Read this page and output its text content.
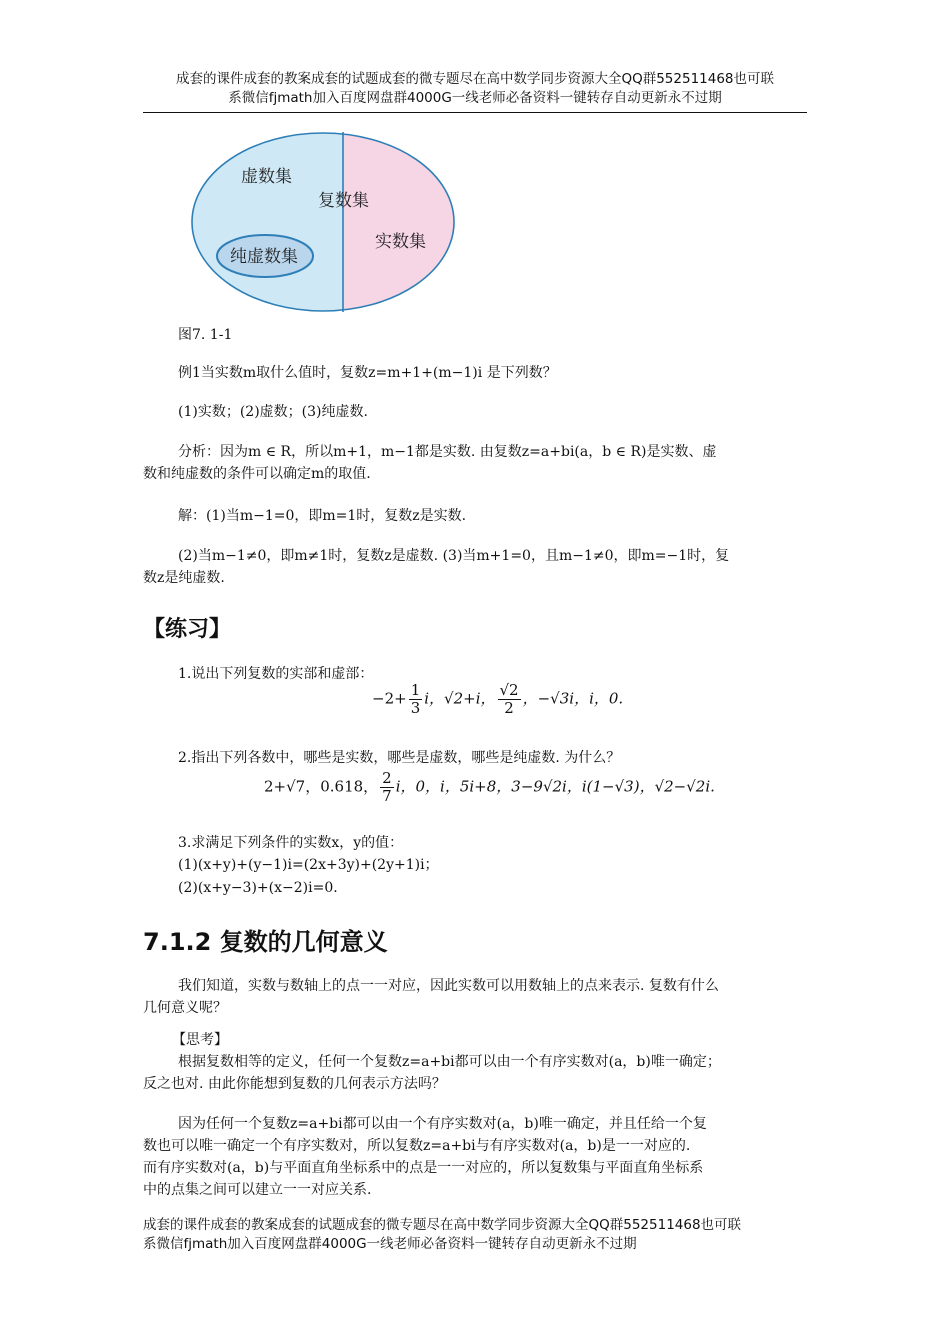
成套的课件成套的教案成套的试题成套的微专题尽在高中数学同步资源大全QQ群552511468也可联
系微信fjmath加入百度网盘群4000G一线老师必备资料一键转存自动更新永不过期
虚数集
复数集
实数集
纯虚数集
图7. 1-1
例1当实数m取什么值时，复数z=m+1+(m−1)i 是下列数？
(1)实数；(2)虚数；(3)纯虚数.
分析：因为m ∈ R，所以m+1，m−1都是实数. 由复数z=a+bi(a，b ∈ R)是实数、虚
数和纯虚数的条件可以确定m的取值.
解：(1)当m−1=0，即m=1时，复数z是实数.
(2)当m−1≠0，即m≠1时，复数z是虚数. (3)当m+1=0，且m−1≠0，即m=−1时，复
数z是纯虚数.
【练习】
1.说出下列复数的实部和虚部：
$-2+ \frac{1}{3}$ i，√2+i， $\frac{√2}{2}$ ，−√3i，i，0.
2.指出下列各数中，哪些是实数，哪些是虚数，哪些是纯虚数. 为什么？
2+√7，0.618， $\frac{2}{7}$ i，0，i，5i+8，3−9√2i，i(1−√3)，√2−√2i.
3.求满足下列条件的实数x，y的值：
(1)(x+y)+(y−1)i=(2x+3y)+(2y+1)i；
(2)(x+y−3)+(x−2)i=0.
7.1.2 复数的几何意义
我们知道，实数与数轴上的点一一对应，因此实数可以用数轴上的点来表示. 复数有什么
几何意义呢？
【思考】
根据复数相等的定义，任何一个复数z=a+bi都可以由一个有序实数对(a，b)唯一确定；
反之也对. 由此你能想到复数的几何表示方法吗？
因为任何一个复数z=a+bi都可以由一个有序实数对(a，b)唯一确定，并且任给一个复
数也可以唯一确定一个有序实数对，所以复数z=a+bi与有序实数对(a，b)是一一对应的.
而有序实数对(a，b)与平面直角坐标系中的点是一一对应的，所以复数集与平面直角坐标系
中的点集之间可以建立一一对应关系.
成套的课件成套的教案成套的试题成套的微专题尽在高中数学同步资源大全QQ群552511468也可联
系微信fjmath加入百度网盘群4000G一线老师必备资料一键转存自动更新永不过期
